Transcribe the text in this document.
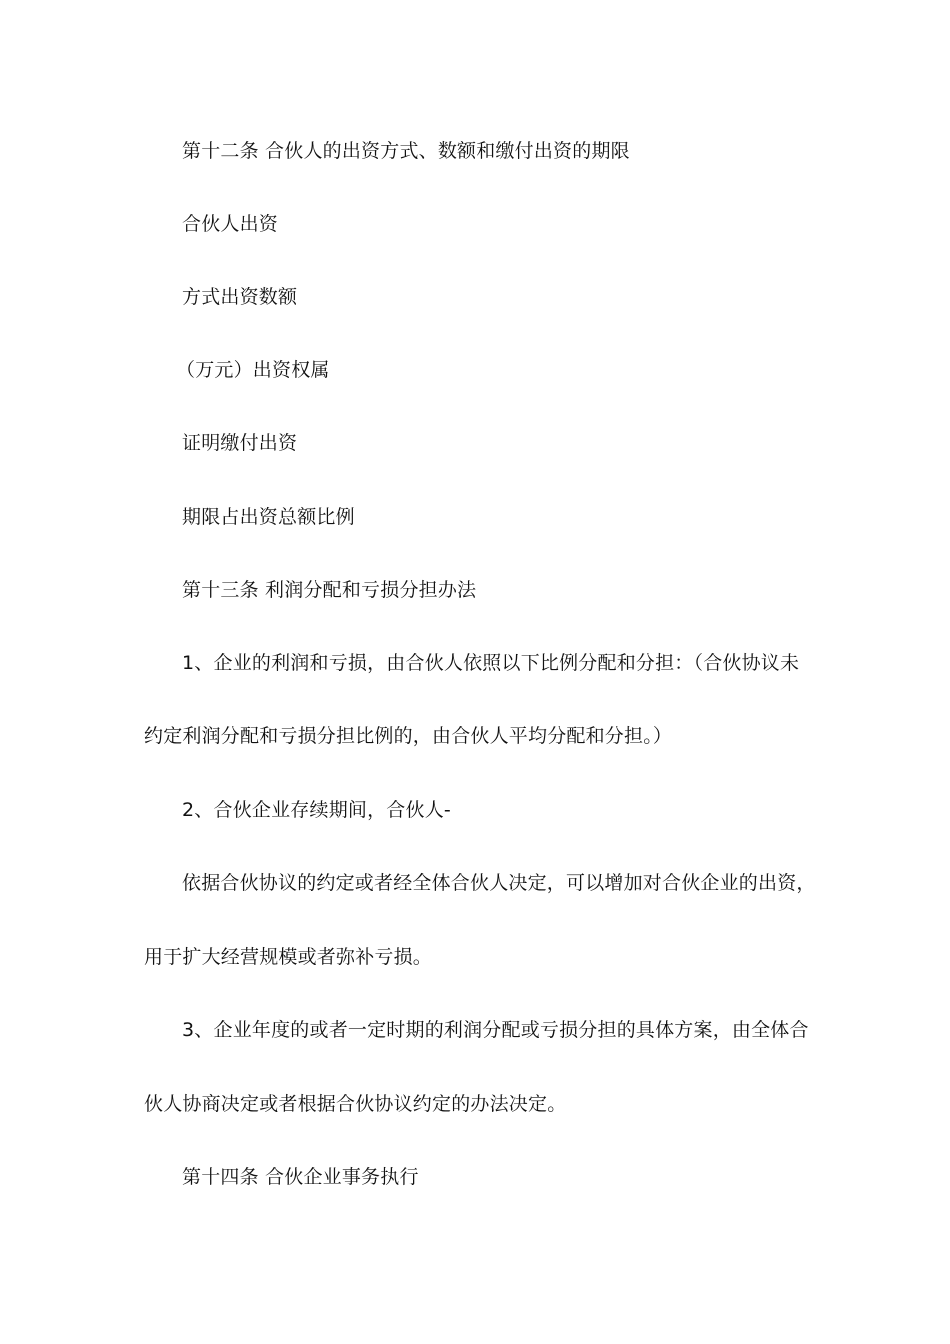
第十二条 合伙人的出资方式、数额和缴付出资的期限
合伙人出资
方式出资数额
（万元）出资权属
证明缴付出资
期限占出资总额比例
第十三条 利润分配和亏损分担办法
1、企业的利润和亏损，由合伙人依照以下比例分配和分担：（合伙协议未
约定利润分配和亏损分担比例的，由合伙人平均分配和分担。）
2、合伙企业存续期间，合伙人-
依据合伙协议的约定或者经全体合伙人决定，可以增加对合伙企业的出资，
用于扩大经营规模或者弥补亏损。
3、企业年度的或者一定时期的利润分配或亏损分担的具体方案，由全体合
伙人协商决定或者根据合伙协议约定的办法决定。
第十四条 合伙企业事务执行
